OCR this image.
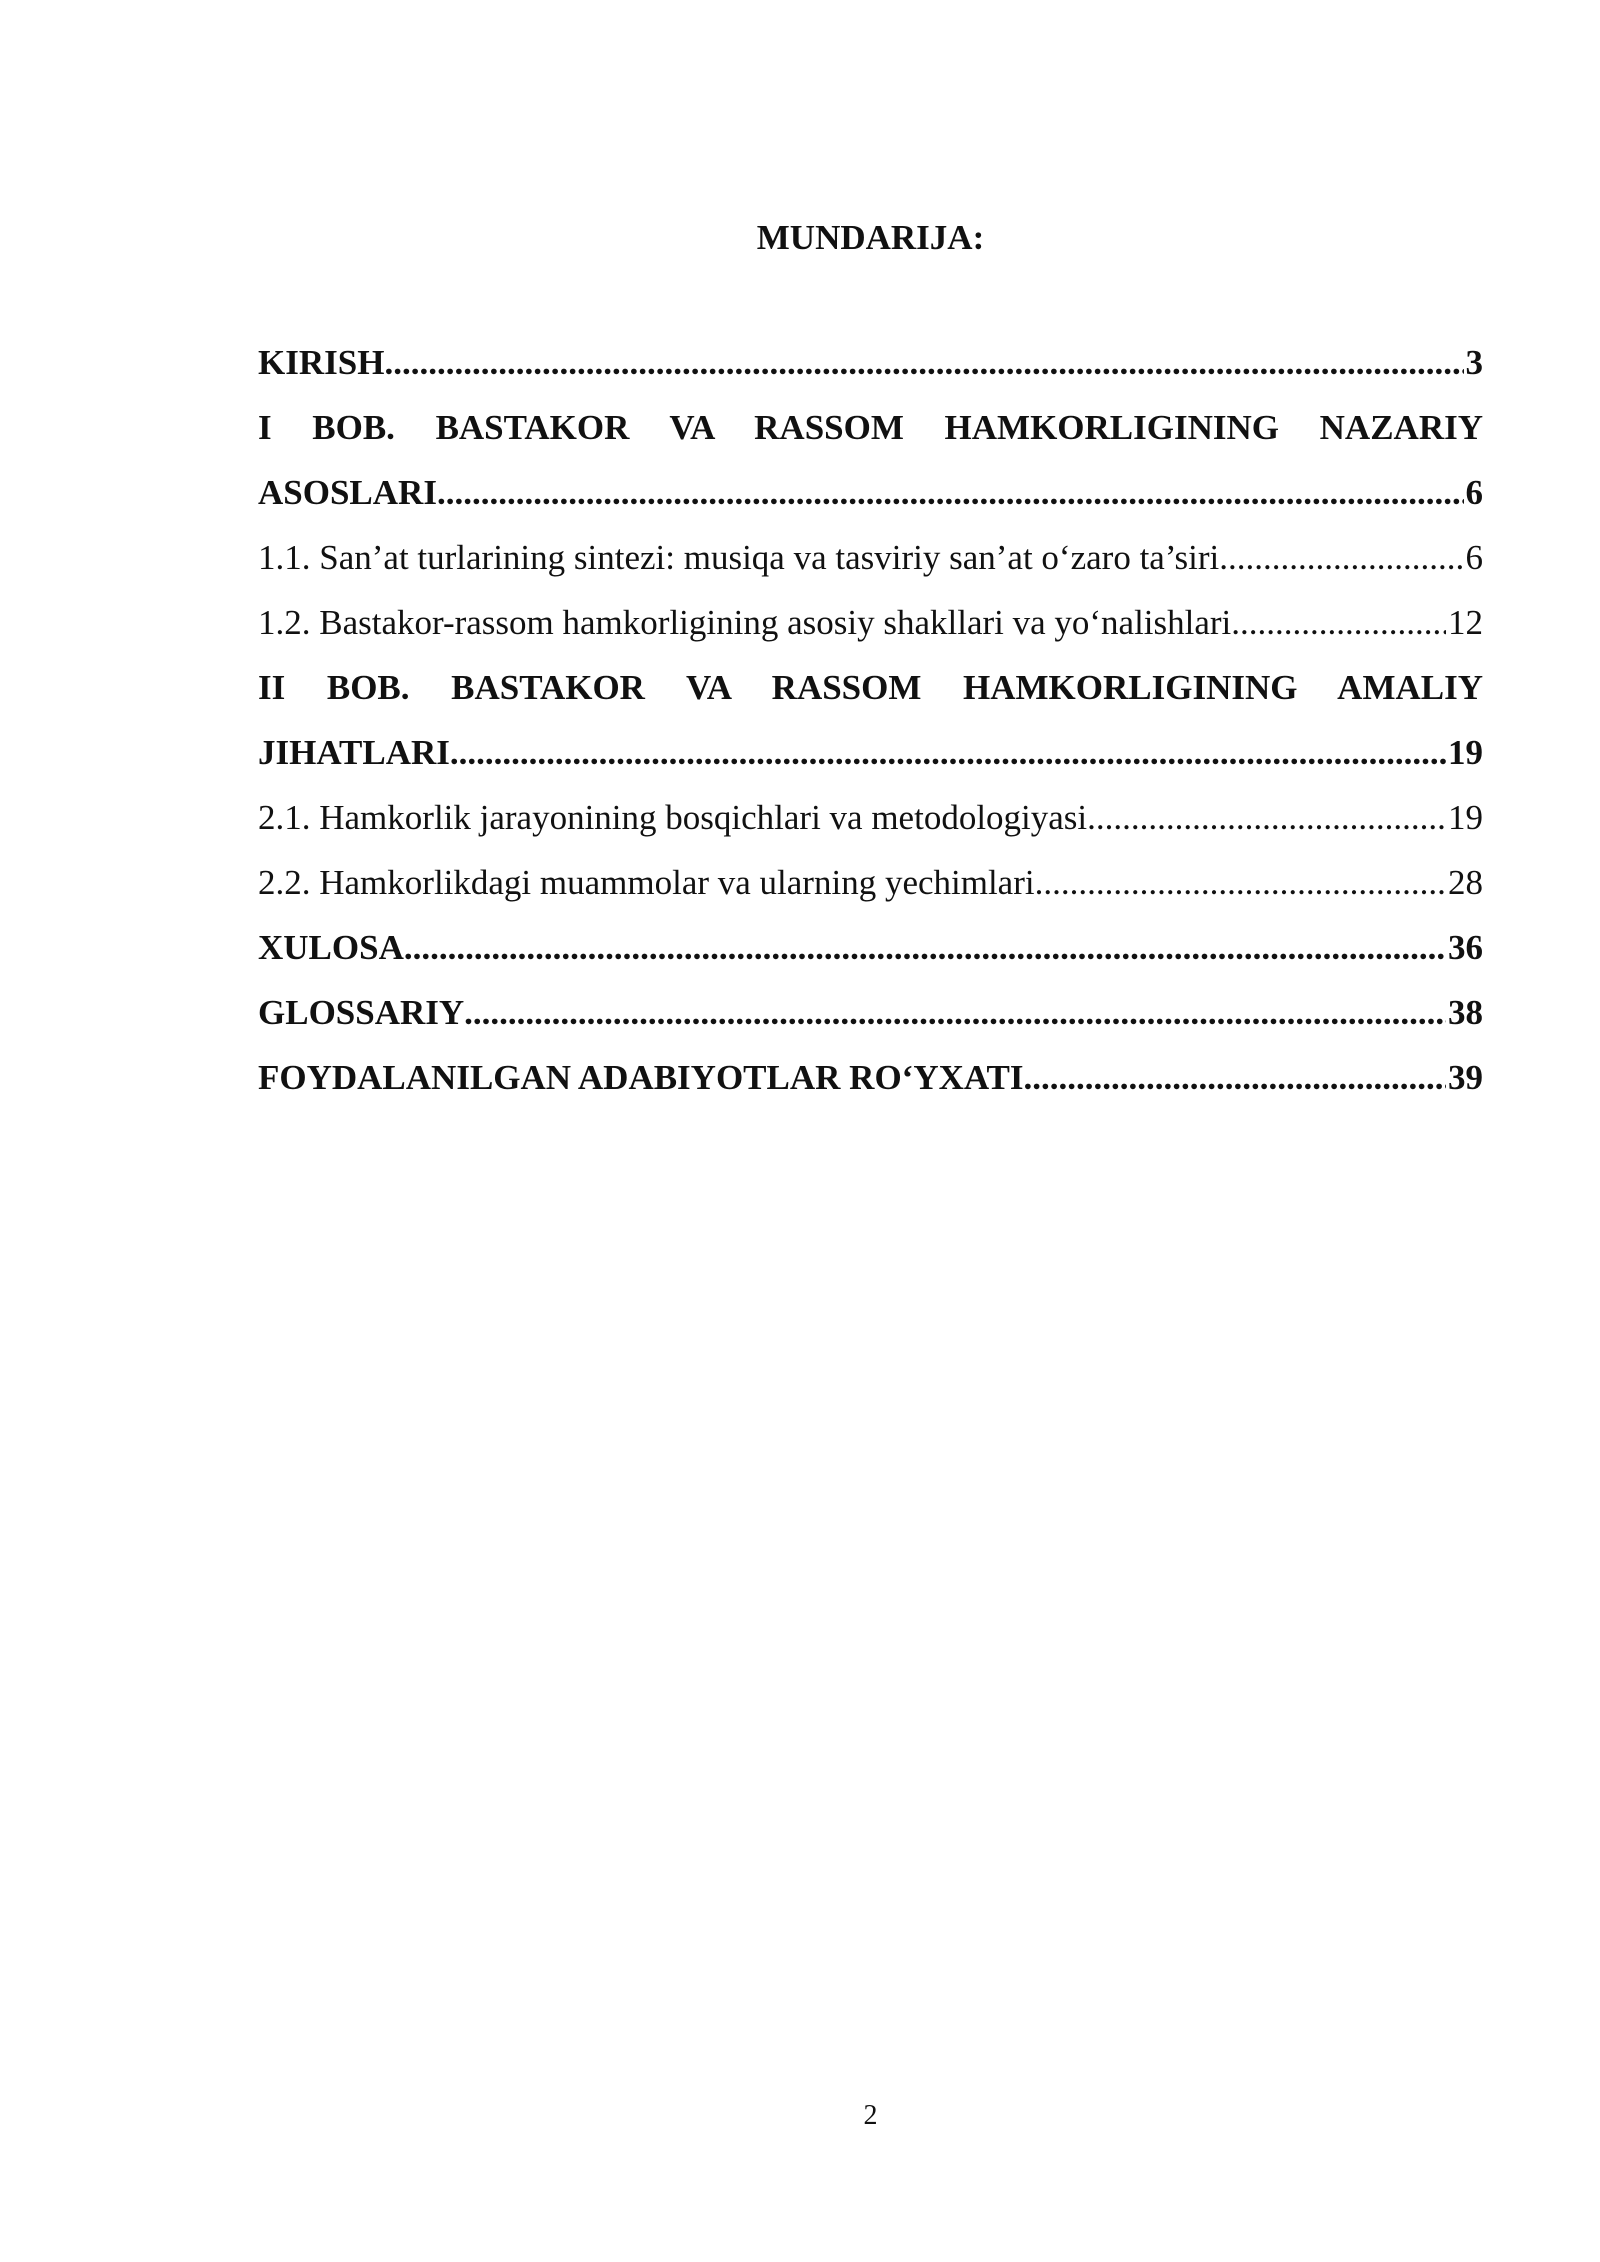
MUNDARIJA:
KIRISH .....	3
I BOB. BASTAKOR VA RASSOM HAMKORLIGINING NAZARIY
ASOSLARI .....	6
1.1. San’at turlarining sintezi: musiqa va tasviriy san’at o‘zaro ta’siri .....	6
1.2. Bastakor-rassom hamkorligining asosiy shakllari va yo‘nalishlari .....	12
II BOB. BASTAKOR VA RASSOM HAMKORLIGINING AMALIY
JIHATLARI .....	19
2.1. Hamkorlik jarayonining bosqichlari va metodologiyasi .....	19
2.2. Hamkorlikdagi muammolar va ularning yechimlari .....	28
XULOSA .....	36
GLOSSARIY .....	38
FOYDALANILGAN ADABIYOTLAR RO‘YXATI .....	39
2
